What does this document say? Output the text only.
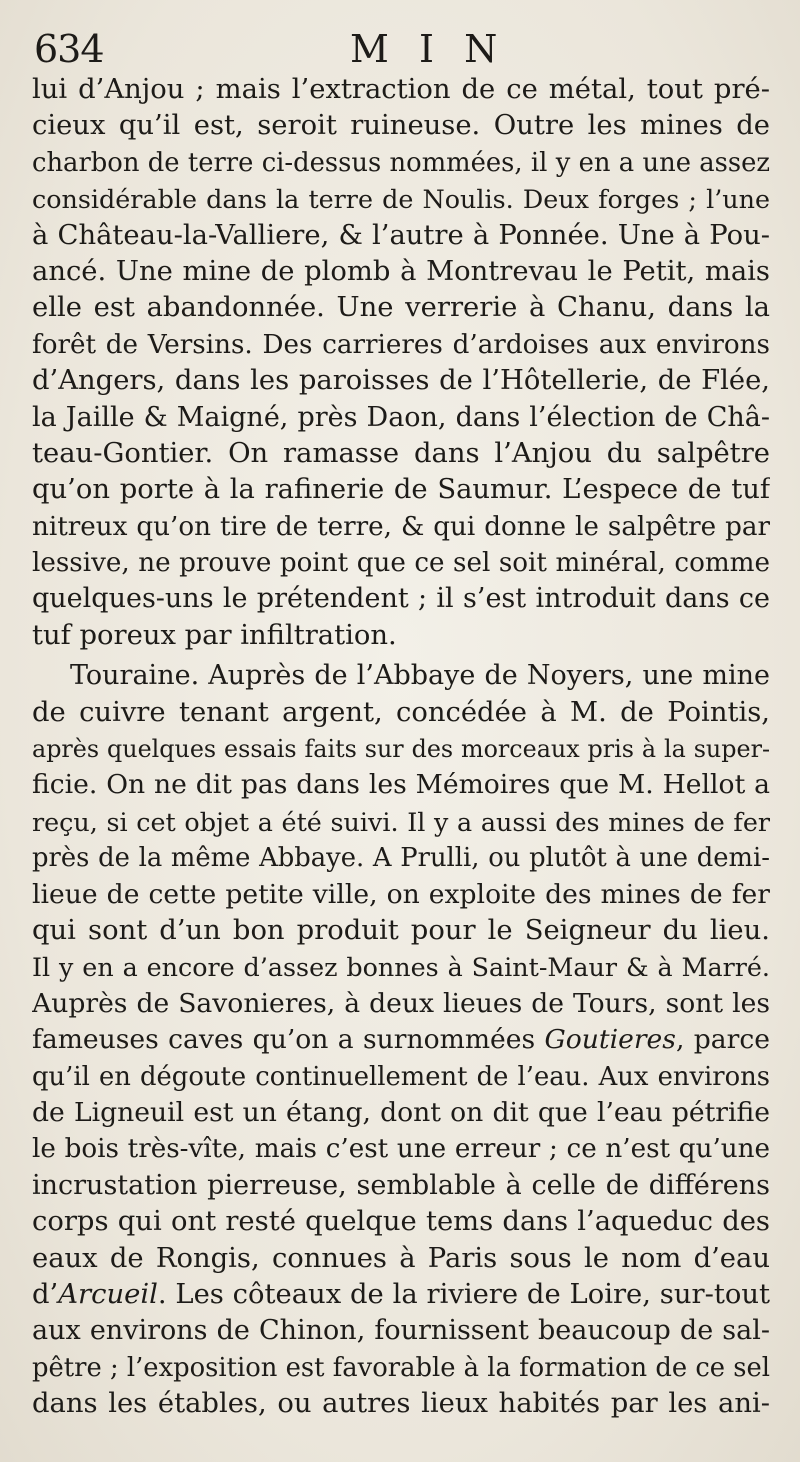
634	M I N
lui d’Anjou ; mais l’extraction de ce métal, tout pré-
cieux qu’il est, seroit ruineuse. Outre les mines de
charbon de terre ci-dessus nommées, il y en a une assez
considérable dans la terre de Noulis. Deux forges ; l’une
à Château-la-Valliere, & l’autre à Ponnée. Une à Pou-
ancé. Une mine de plomb à Montrevau le Petit, mais
elle est abandonnée. Une verrerie à Chanu, dans la
forêt de Versins. Des carrieres d’ardoises aux environs
d’Angers, dans les paroisses de l’Hôtellerie, de Flée,
la Jaille & Maigné, près Daon, dans l’élection de Châ-
teau-Gontier. On ramasse dans l’Anjou du salpêtre
qu’on porte à la rafinerie de Saumur. L’espece de tuf
nitreux qu’on tire de terre, & qui donne le salpêtre par
lessive, ne prouve point que ce sel soit minéral, comme
quelques-uns le prétendent ; il s’est introduit dans ce
tuf poreux par infiltration.
Touraine. Auprès de l’Abbaye de Noyers, une mine
de cuivre tenant argent, concédée à M. de Pointis,
après quelques essais faits sur des morceaux pris à la super-
ficie. On ne dit pas dans les Mémoires que M. Hellot a
reçu, si cet objet a été suivi. Il y a aussi des mines de fer
près de la même Abbaye. A Prulli, ou plutôt à une demi-
lieue de cette petite ville, on exploite des mines de fer
qui sont d’un bon produit pour le Seigneur du lieu.
Il y en a encore d’assez bonnes à Saint-Maur & à Marré.
Auprès de Savonieres, à deux lieues de Tours, sont les
fameuses caves qu’on a surnommées Goutieres, parce
qu’il en dégoute continuellement de l’eau. Aux environs
de Ligneuil est un étang, dont on dit que l’eau pétrifie
le bois très-vîte, mais c’est une erreur ; ce n’est qu’une
incrustation pierreuse, semblable à celle de différens
corps qui ont resté quelque tems dans l’aqueduc des
eaux de Rongis, connues à Paris sous le nom d’eau
d’Arcueil. Les côteaux de la riviere de Loire, sur-tout
aux environs de Chinon, fournissent beaucoup de sal-
pêtre ; l’exposition est favorable à la formation de ce sel
dans les étables, ou autres lieux habités par les ani-
